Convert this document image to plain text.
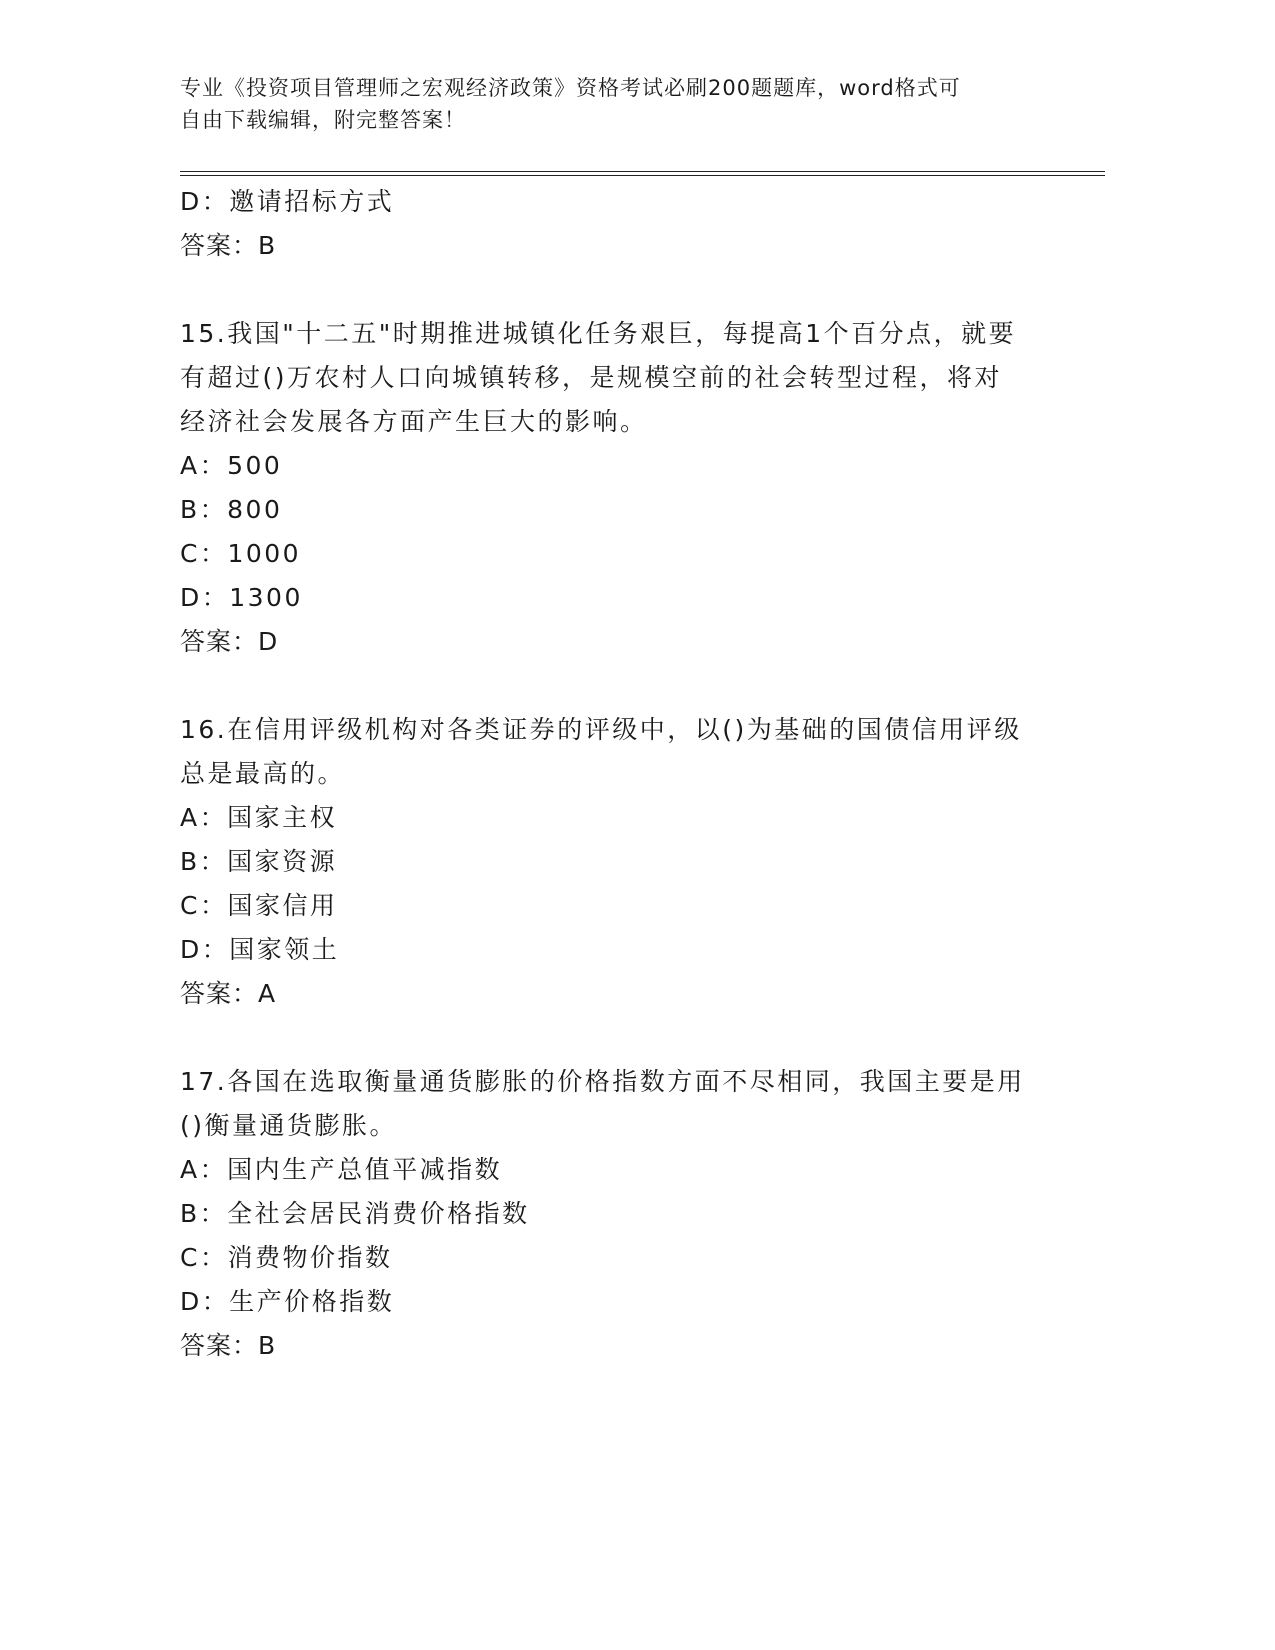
专业《投资项目管理师之宏观经济政策》资格考试必刷200题题库，word格式可
自由下载编辑，附完整答案！
D：邀请招标方式
答案：B
15.我国"十二五"时期推进城镇化任务艰巨，每提高1个百分点，就要
有超过()万农村人口向城镇转移，是规模空前的社会转型过程，将对
经济社会发展各方面产生巨大的影响。
A：500
B：800
C：1000
D：1300
答案：D
16.在信用评级机构对各类证券的评级中，以()为基础的国债信用评级
总是最高的。
A：国家主权
B：国家资源
C：国家信用
D：国家领土
答案：A
17.各国在选取衡量通货膨胀的价格指数方面不尽相同，我国主要是用
()衡量通货膨胀。
A：国内生产总值平减指数
B：全社会居民消费价格指数
C：消费物价指数
D：生产价格指数
答案：B
